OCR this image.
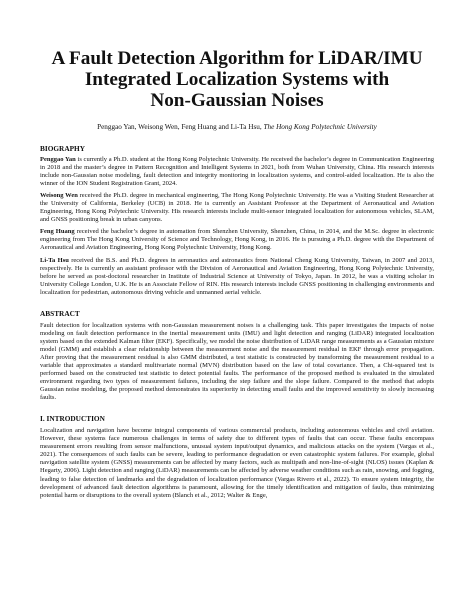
A Fault Detection Algorithm for LiDAR/IMU
Integrated Localization Systems with
Non-Gaussian Noises
Penggao Yan, Weisong Wen, Feng Huang and Li-Ta Hsu, The Hong Kong Polytechnic University
BIOGRAPHY
Penggao Yan is currently a Ph.D. student at the Hong Kong Polytechnic University. He received the bachelor’s degree in Communication Engineering in 2018 and the master’s degree in Pattern Recognition and Intelligent Systems in 2021, both from Wuhan University, China. His research interests include non-Gaussian noise modeling, fault detection and integrity monitoring in localization systems, and control-aided localization. He is also the winner of the ION Student Registration Grant, 2024.
Weisong Wen received the Ph.D. degree in mechanical engineering, The Hong Kong Polytechnic University. He was a Visiting Student Researcher at the University of California, Berkeley (UCB) in 2018. He is currently an Assistant Professor at the Department of Aeronautical and Aviation Engineering, Hong Kong Polytechnic University. His research interests include multi-sensor integrated localization for autonomous vehicles, SLAM, and GNSS positioning break in urban canyons.
Feng Huang received the bachelor’s degree in automation from Shenzhen University, Shenzhen, China, in 2014, and the M.Sc. degree in electronic engineering from The Hong Kong University of Science and Technology, Hong Kong, in 2016. He is pursuing a Ph.D. degree with the Department of Aeronautical and Aviation Engineering, Hong Kong Polytechnic University, Hong Kong.
Li-Ta Hsu received the B.S. and Ph.D. degrees in aeronautics and astronautics from National Cheng Kung University, Taiwan, in 2007 and 2013, respectively. He is currently an assistant professor with the Division of Aeronautical and Aviation Engineering, Hong Kong Polytechnic University, before he served as post-doctoral researcher in Institute of Industrial Science at University of Tokyo, Japan. In 2012, he was a visiting scholar in University College London, U.K. He is an Associate Fellow of RIN. His research interests include GNSS positioning in challenging environments and localization for pedestrian, autonomous driving vehicle and unmanned aerial vehicle.
ABSTRACT
Fault detection for localization systems with non-Gaussian measurement noises is a challenging task. This paper investigates the impacts of noise modeling on fault detection performance in the inertial measurement units (IMU) and light detection and ranging (LiDAR) integrated localization system based on the extended Kalman filter (EKF). Specifically, we model the noise distribution of LiDAR range measurements as a Gaussian mixture model (GMM) and establish a clear relationship between the measurement noise and the measurement residual in EKF through error propagation. After proving that the measurement residual is also GMM distributed, a test statistic is constructed by transforming the measurement residual to a variable that approximates a standard multivariate normal (MVN) distribution based on the law of total covariance. Then, a Chi-squared test is performed based on the constructed test statistic to detect potential faults. The performance of the proposed method is evaluated in the simulated environment regarding two types of measurement failures, including the step failure and the slope failure. Compared to the method that adopts Gaussian noise modeling, the proposed method demonstrates its superiority in detecting small faults and the improved sensitivity to slowly increasing faults.
I. INTRODUCTION
Localization and navigation have become integral components of various commercial products, including autonomous vehicles and civil aviation. However, these systems face numerous challenges in terms of safety due to different types of faults that can occur. These faults encompass measurement errors resulting from sensor malfunctions, unusual system input/output dynamics, and malicious attacks on the system (Vargas et al., 2021). The consequences of such faults can be severe, leading to performance degradation or even catastrophic system failures. For example, global navigation satellite system (GNSS) measurements can be affected by many factors, such as multipath and non-line-of-sight (NLOS) issues (Kaplan & Hegarty, 2006). Light detection and ranging (LiDAR) measurements can be affected by adverse weather conditions such as rain, snowing, and fogging, leading to false detection of landmarks and the degradation of localization performance (Vargas Rivero et al., 2022). To ensure system integrity, the development of advanced fault detection algorithms is paramount, allowing for the timely identification and mitigation of faults, thus minimizing potential harm or disruptions to the overall system (Blanch et al., 2012; Walter & Enge,
